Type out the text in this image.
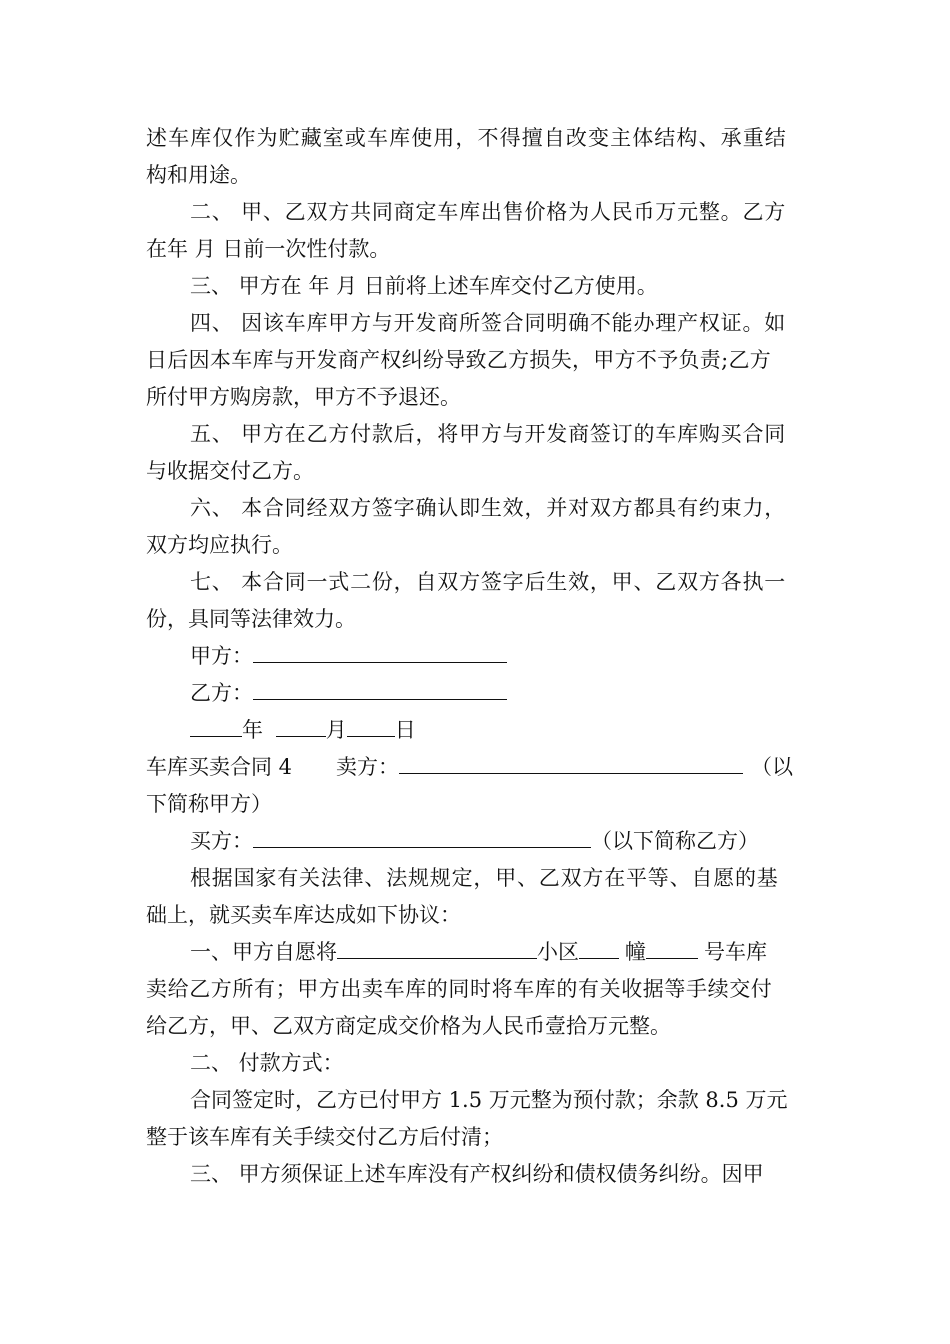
述车库仅作为贮藏室或车库使用，不得擅自改变主体结构、承重结
构和用途。
二、 甲、乙双方共同商定车库出售价格为人民币万元整。乙方
在年 月 日前一次性付款。
三、 甲方在 年 月 日前将上述车库交付乙方使用。
四、 因该车库甲方与开发商所签合同明确不能办理产权证。如
日后因本车库与开发商产权纠纷导致乙方损失，甲方不予负责;乙方
所付甲方购房款，甲方不予退还。
五、 甲方在乙方付款后，将甲方与开发商签订的车库购买合同
与收据交付乙方。
六、 本合同经双方签字确认即生效，并对双方都具有约束力，
双方均应执行。
七、 本合同一式二份，自双方签字后生效，甲、乙双方各执一
份，具同等法律效力。
甲方：
乙方：
年	月 日
车库买卖合同 4 卖方：	（以
下简称甲方）
买方：	（以下简称乙方）
根据国家有关法律、法规规定，甲、乙双方在平等、自愿的基
础上，就买卖车库达成如下协议：
一、甲方自愿将	小区 幢	号车库
卖给乙方所有；甲方出卖车库的同时将车库的有关收据等手续交付
给乙方，甲、乙双方商定成交价格为人民币壹拾万元整。
二、 付款方式：
合同签定时，乙方已付甲方 1.5 万元整为预付款；余款 8.5 万元
整于该车库有关手续交付乙方后付清；
三、 甲方须保证上述车库没有产权纠纷和债权债务纠纷。因甲
